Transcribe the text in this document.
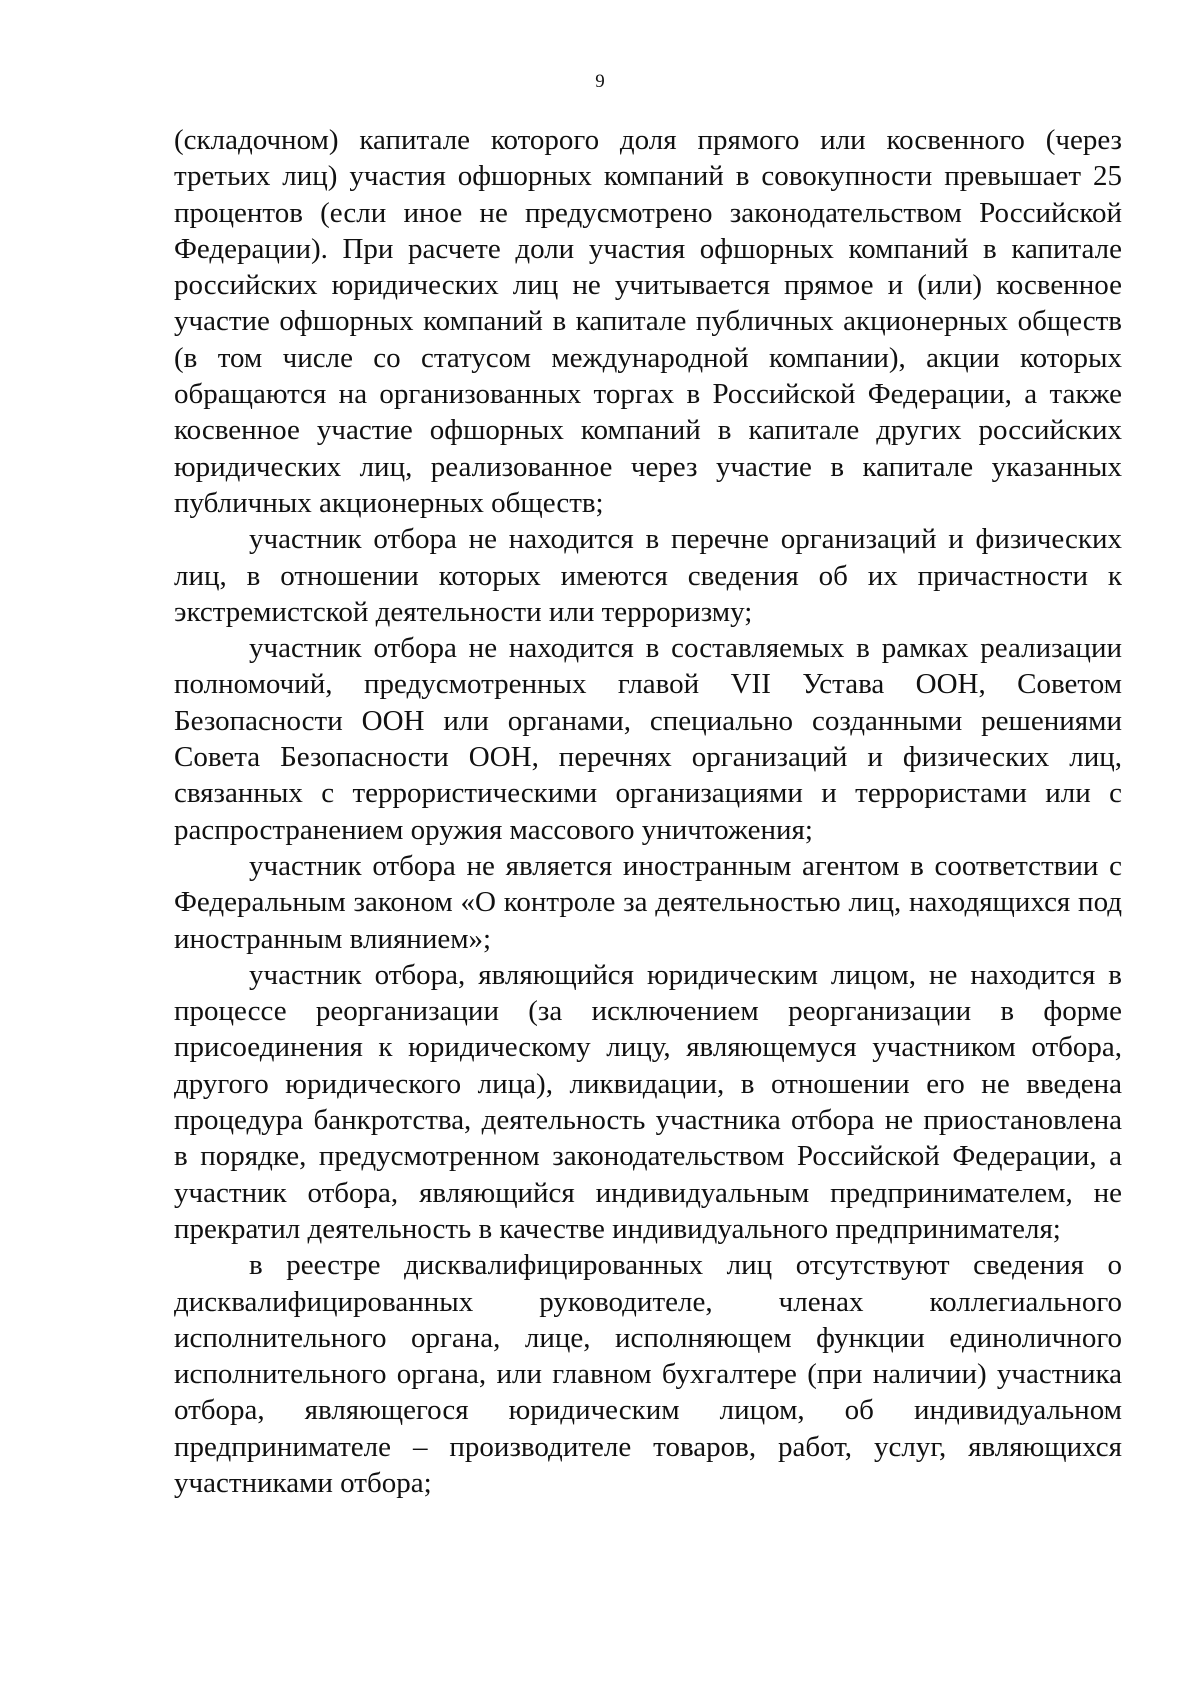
9

(складочном) капитале которого доля прямого или косвенного (через третьих лиц) участия офшорных компаний в совокупности превышает 25 процентов (если иное не предусмотрено законодательством Российской Федерации). При расчете доли участия офшорных компаний в капитале российских юридических лиц не учитывается прямое и (или) косвенное участие офшорных компаний в капитале публичных акционерных обществ (в том числе со статусом международной компании), акции которых обращаются на организованных торгах в Российской Федерации, а также косвенное участие офшорных компаний в капитале других российских юридических лиц, реализованное через участие в капитале указанных публичных акционерных обществ;

участник отбора не находится в перечне организаций и физических лиц, в отношении которых имеются сведения об их причастности к экстремистской деятельности или терроризму;

участник отбора не находится в составляемых в рамках реализации полномочий, предусмотренных главой VII Устава ООН, Советом Безопасности ООН или органами, специально созданными решениями Совета Безопасности ООН, перечнях организаций и физических лиц, связанных с террористическими организациями и террористами или с распространением оружия массового уничтожения;

участник отбора не является иностранным агентом в соответствии с Федеральным законом «О контроле за деятельностью лиц, находящихся под иностранным влиянием»;

участник отбора, являющийся юридическим лицом, не находится в процессе реорганизации (за исключением реорганизации в форме присоединения к юридическому лицу, являющемуся участником отбора, другого юридического лица), ликвидации, в отношении его не введена процедура банкротства, деятельность участника отбора не приостановлена в порядке, предусмотренном законодательством Российской Федерации, а участник отбора, являющийся индивидуальным предпринимателем, не прекратил деятельность в качестве индивидуального предпринимателя;

в реестре дисквалифицированных лиц отсутствуют сведения о дисквалифицированных руководителе, членах коллегиального исполнительного органа, лице, исполняющем функции единоличного исполнительного органа, или главном бухгалтере (при наличии) участника отбора, являющегося юридическим лицом, об индивидуальном предпринимателе – производителе товаров, работ, услуг, являющихся участниками отбора;
